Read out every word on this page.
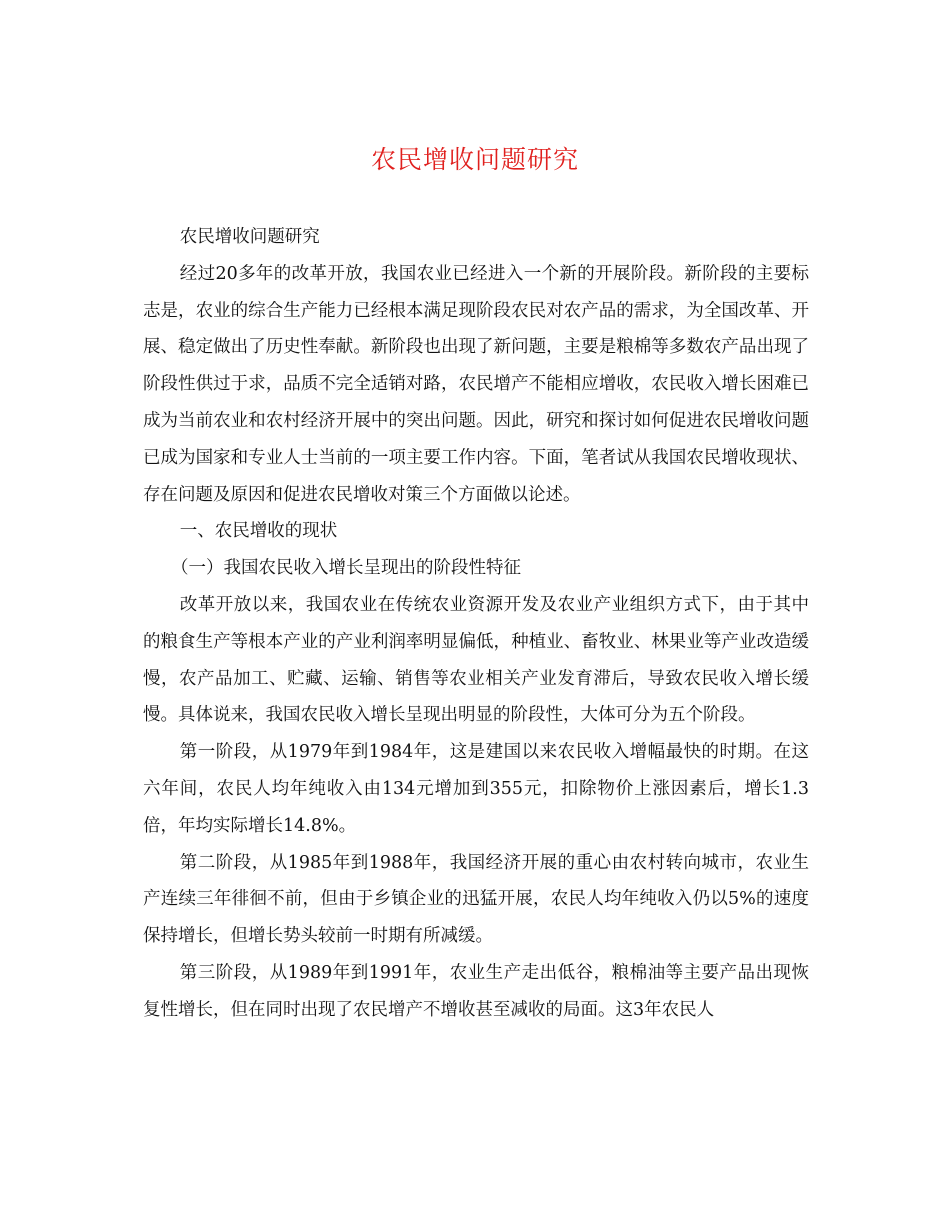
农民增收问题研究

农民增收问题研究

经过20多年的改革开放，我国农业已经进入一个新的开展阶段。新阶段的主要标志是，农业的综合生产能力已经根本满足现阶段农民对农产品的需求，为全国改革、开展、稳定做出了历史性奉献。新阶段也出现了新问题，主要是粮棉等多数农产品出现了阶段性供过于求，品质不完全适销对路，农民增产不能相应增收，农民收入增长困难已成为当前农业和农村经济开展中的突出问题。因此，研究和探讨如何促进农民增收问题已成为国家和专业人士当前的一项主要工作内容。下面，笔者试从我国农民增收现状、存在问题及原因和促进农民增收对策三个方面做以论述。

一、农民增收的现状

（一）我国农民收入增长呈现出的阶段性特征

改革开放以来，我国农业在传统农业资源开发及农业产业组织方式下，由于其中的粮食生产等根本产业的产业利润率明显偏低，种植业、畜牧业、林果业等产业改造缓慢，农产品加工、贮藏、运输、销售等农业相关产业发育滞后，导致农民收入增长缓慢。具体说来，我国农民收入增长呈现出明显的阶段性，大体可分为五个阶段。

第一阶段，从1979年到1984年，这是建国以来农民收入增幅最快的时期。在这六年间，农民人均年纯收入由134元增加到355元，扣除物价上涨因素后，增长1.3倍，年均实际增长14.8%。

第二阶段，从1985年到1988年，我国经济开展的重心由农村转向城市，农业生产连续三年徘徊不前，但由于乡镇企业的迅猛开展，农民人均年纯收入仍以5%的速度保持增长，但增长势头较前一时期有所减缓。

第三阶段，从1989年到1991年，农业生产走出低谷，粮棉油等主要产品出现恢复性增长，但在同时出现了农民增产不增收甚至减收的局面。这3年农民人
